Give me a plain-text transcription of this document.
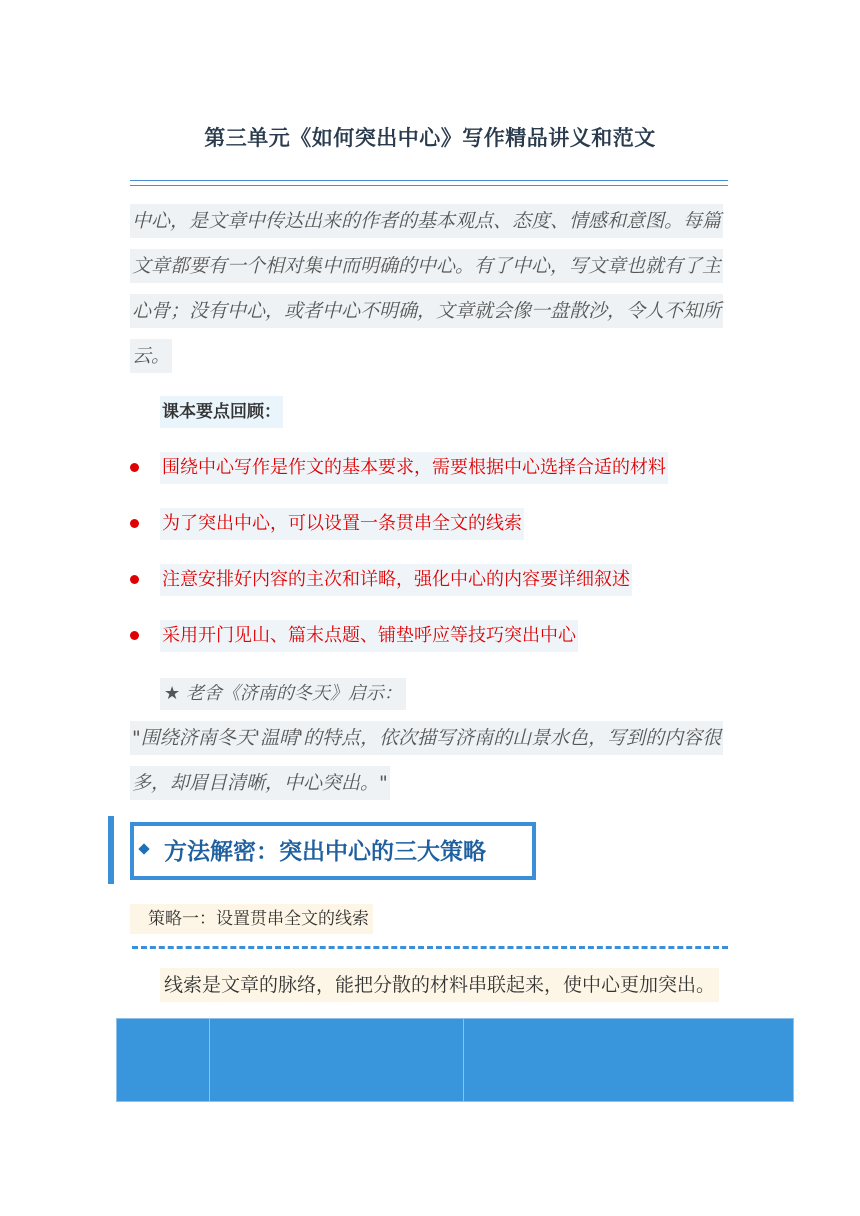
第三单元《如何突出中心》写作精品讲义和范文
中心，是文章中传达出来的作者的基本观点、态度、情感和意图。每篇
文章都要有一个相对集中而明确的中心。有了中心，写文章也就有了主
心骨；没有中心，或者中心不明确，文章就会像一盘散沙，令人不知所
云。
课本要点回顾：
围绕中心写作是作文的基本要求，需要根据中心选择合适的材料
为了突出中心，可以设置一条贯串全文的线索
注意安排好内容的主次和详略，强化中心的内容要详细叙述
采用开门见山、篇末点题、铺垫呼应等技巧突出中心
★ 老舍《济南的冬天》启示：
"围绕济南冬天'温晴'的特点，依次描写济南的山景水色，写到的内容很
多，却眉目清晰，中心突出。"
方法解密：突出中心的三大策略
策略一：设置贯串全文的线索
线索是文章的脉络，能把分散的材料串联起来，使中心更加突出。
